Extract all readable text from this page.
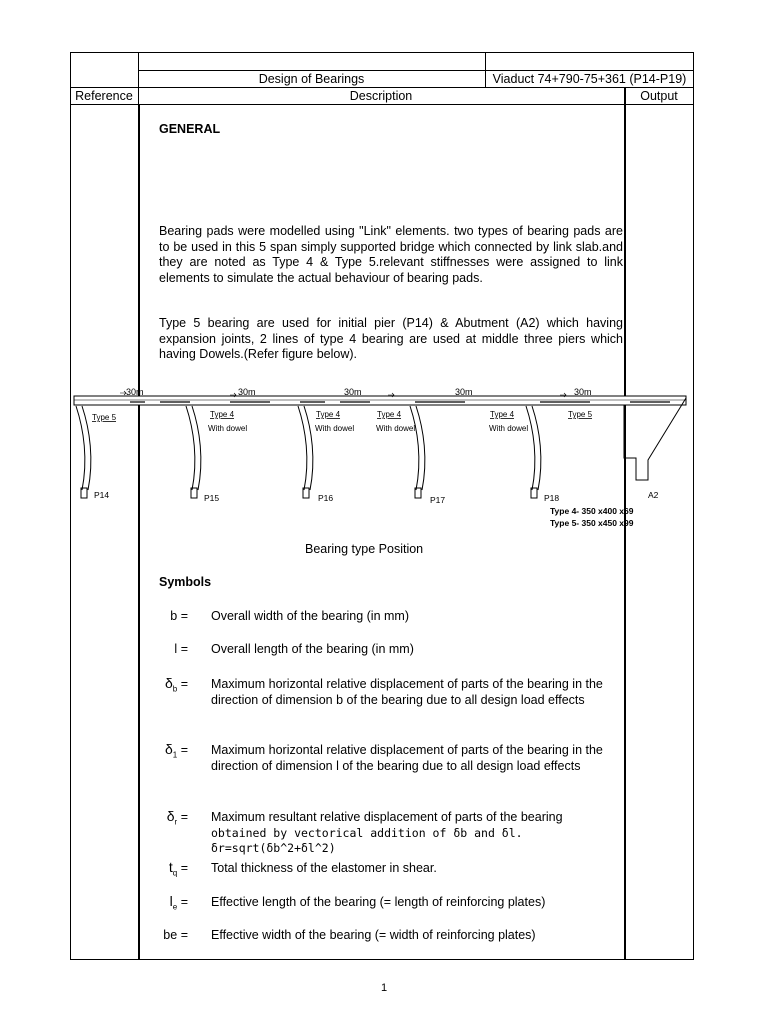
Design of Bearings	Viaduct 74+790-75+361 (P14-P19)
Reference	Description	Output
GENERAL
Bearing pads were modelled using "Link" elements. two types of bearing pads are to be used in this 5 span simply supported bridge which connected by link slab.and they are noted as Type 4 & Type 5.relevant stiffnesses were assigned to link elements to simulate the actual behaviour of bearing pads.
Type 5 bearing are used for initial pier (P14) & Abutment (A2) which having expansion joints, 2 lines of type 4 bearing are used at middle three piers which having Dowels.(Refer figure below).
30m	30m	30m	30m	30m
Type 5	Type 4	Type 4	Type 4	Type 4	Type 5
With dowel	With dowel	With dowel	With dowel
P14	P15	P16	P17	P18	A2
Type 4- 350 x400 x69
Type 5- 350 x450 x99
Bearing type Position
Symbols
b = Overall width of the bearing (in mm)
l = Overall length of the bearing (in mm)
$\delta_b$ = Maximum horizontal relative displacement of parts of the bearing in the direction of dimension b of the bearing due to all design load effects
$\delta_1$ = Maximum horizontal relative displacement of parts of the bearing in the direction of dimension l of the bearing due to all design load effects
$\delta_r$ = Maximum resultant relative displacement of parts of the bearing
obtained by vectorical addition of δb and δl. δr=sqrt(δb^2+δl^2)
$t_q$ = Total thickness of the elastomer in shear.
$l_e$ = Effective length of the bearing (= length of reinforcing plates)
be = Effective width of the bearing (= width of reinforcing plates)
1
